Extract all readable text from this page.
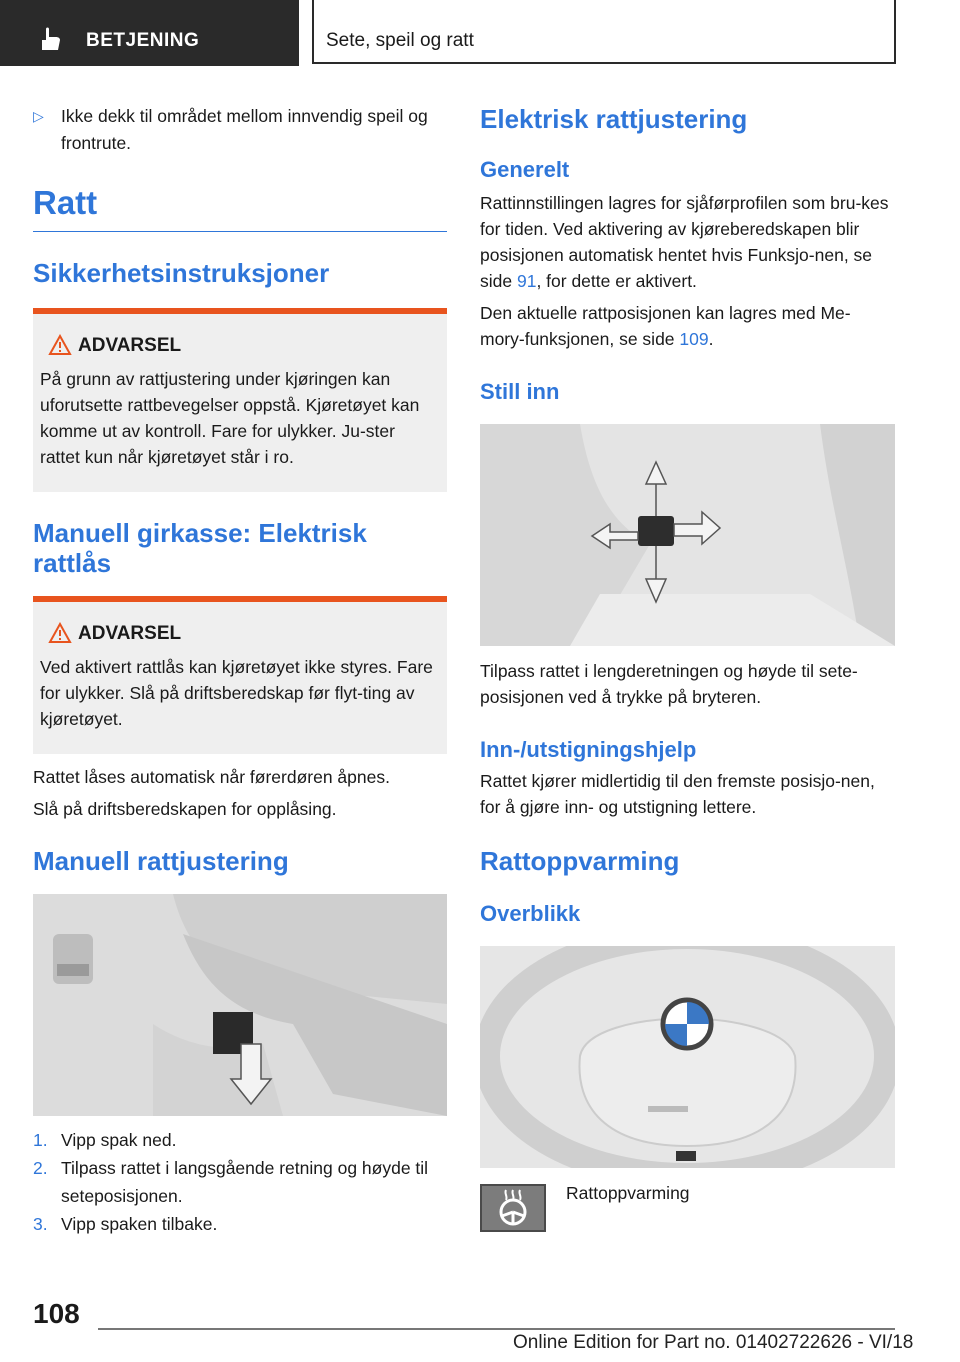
BETJENING	Sete, speil og ratt
▷ Ikke dekk til området mellom innvendig speil og frontrute.
Ratt
Sikkerhetsinstruksjoner
ADVARSEL
På grunn av rattjustering under kjøringen kan uforutsette rattbevegelser oppstå. Kjøretøyet kan komme ut av kontroll. Fare for ulykker. Ju-ster rattet kun når kjøretøyet står i ro.
Manuell girkasse: Elektrisk rattlås
ADVARSEL
Ved aktivert rattlås kan kjøretøyet ikke styres. Fare for ulykker. Slå på driftsberedskap før flyt-ting av kjøretøyet.

Rattet låses automatisk når førerdøren åpnes.

Slå på driftsberedskapen for opplåsing.

Manuell rattjustering
1. Vipp spak ned.
2. Tilpass rattet i langsgående retning og høyde til seteposisjonen.
3. Vipp spaken tilbake.
Elektrisk rattjustering
Generelt

Rattinnstillingen lagres for sjåførprofilen som bru-kes for tiden. Ved aktivering av kjøreberedskapen blir posisjonen automatisk hentet hvis Funksjo-nen, se side 91, for dette er aktivert.

Den aktuelle rattposisjonen kan lagres med Me-mory-funksjonen, se side 109.

Still inn

Tilpass rattet i lengderetningen og høyde til sete-posisjonen ved å trykke på bryteren.

Inn-/utstigningshjelp

Rattet kjører midlertidig til den fremste posisjo-nen, for å gjøre inn- og utstigning lettere.

Rattoppvarming
Overblikk
Rattoppvarming
108
Online Edition for Part no. 01402722626 - VI/18
